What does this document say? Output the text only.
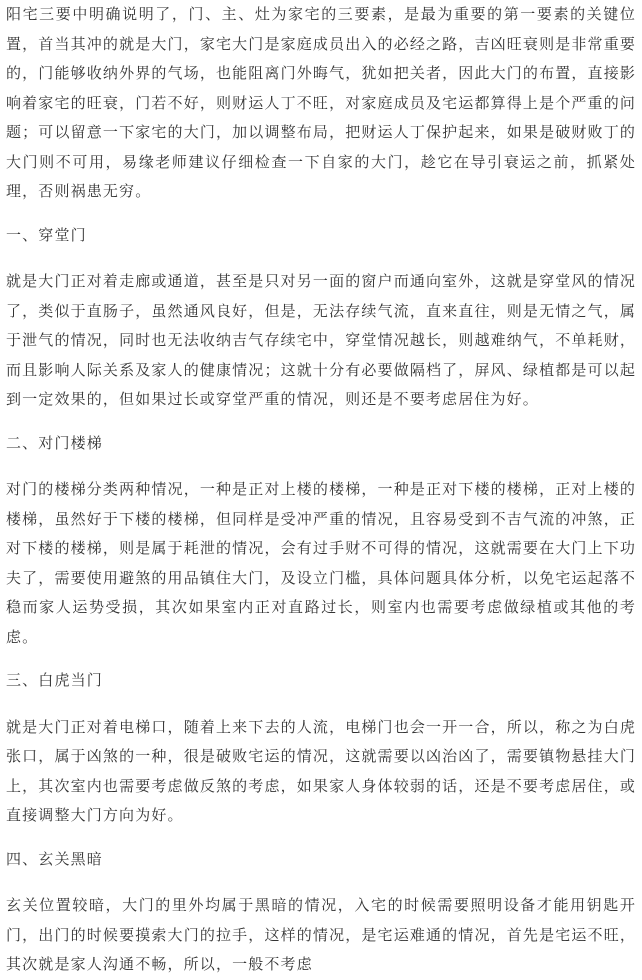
阳宅三要中明确说明了，门、主、灶为家宅的三要素，是最为重要的第一要素的关键位置，首当其冲的就是大门，家宅大门是家庭成员出入的必经之路，吉凶旺衰则是非常重要的，门能够收纳外界的气场，也能阻离门外晦气，犹如把关者，因此大门的布置，直接影响着家宅的旺衰，门若不好，则财运人丁不旺，对家庭成员及宅运都算得上是个严重的问题；可以留意一下家宅的大门，加以调整布局，把财运人丁保护起来，如果是破财败丁的大门则不可用，易缘老师建议仔细检查一下自家的大门，趁它在导引衰运之前，抓紧处理，否则祸患无穷。

一、穿堂门

就是大门正对着走廊或通道，甚至是只对另一面的窗户而通向室外，这就是穿堂风的情况了，类似于直肠子，虽然通风良好，但是，无法存续气流，直来直往，则是无情之气，属于泄气的情况，同时也无法收纳吉气存续宅中，穿堂情况越长，则越难纳气，不单耗财，而且影响人际关系及家人的健康情况；这就十分有必要做隔档了，屏风、绿植都是可以起到一定效果的，但如果过长或穿堂严重的情况，则还是不要考虑居住为好。

二、对门楼梯

对门的楼梯分类两种情况，一种是正对上楼的楼梯，一种是正对下楼的楼梯，正对上楼的楼梯，虽然好于下楼的楼梯，但同样是受冲严重的情况，且容易受到不吉气流的冲煞，正对下楼的楼梯，则是属于耗泄的情况，会有过手财不可得的情况，这就需要在大门上下功夫了，需要使用避煞的用品镇住大门，及设立门槛，具体问题具体分析，以免宅运起落不稳而家人运势受损，其次如果室内正对直路过长，则室内也需要考虑做绿植或其他的考虑。

三、白虎当门

就是大门正对着电梯口，随着上来下去的人流，电梯门也会一开一合，所以，称之为白虎张口，属于凶煞的一种，很是破败宅运的情况，这就需要以凶治凶了，需要镇物悬挂大门上，其次室内也需要考虑做反煞的考虑，如果家人身体较弱的话，还是不要考虑居住，或直接调整大门方向为好。

四、玄关黑暗

玄关位置较暗，大门的里外均属于黑暗的情况，入宅的时候需要照明设备才能用钥匙开门，出门的时候要摸索大门的拉手，这样的情况，是宅运难通的情况，首先是宅运不旺，其次就是家人沟通不畅，所以，一般不考虑
